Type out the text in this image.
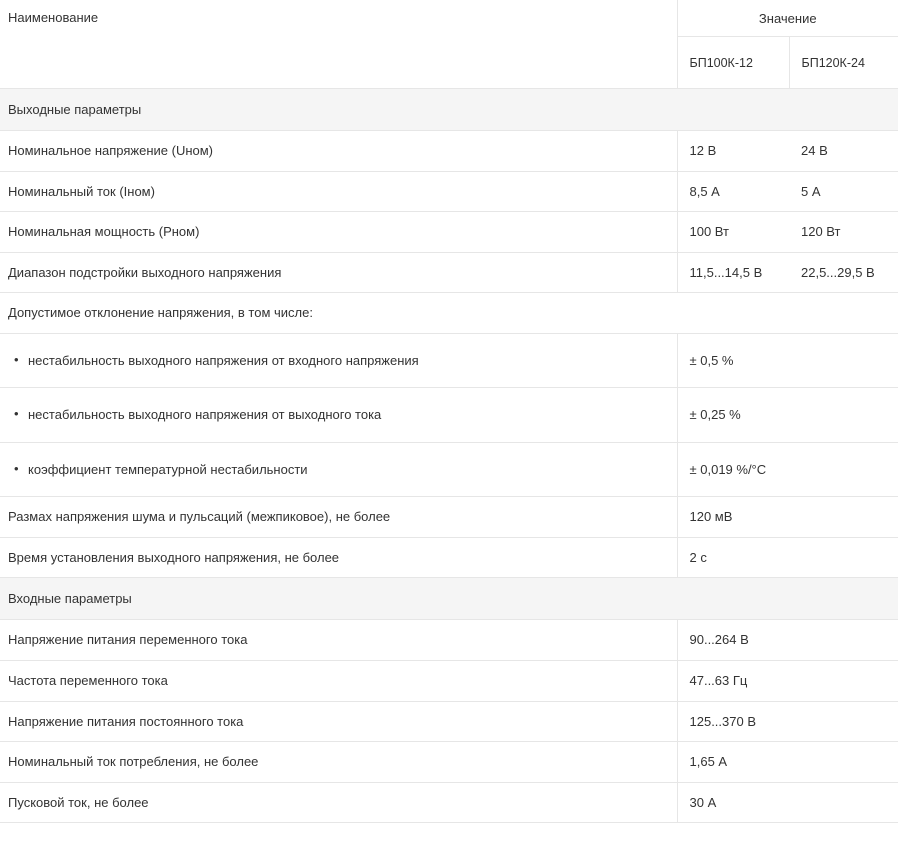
Наименование	Значение	
	БП100К-12	БП120К-24
Выходные параметры		
Номинальное напряжение (Uном)	12 В	24 В
Номинальный ток (Iном)	8,5 А	5 А
Номинальная мощность (Рном)	100 Вт	120 Вт
Диапазон подстройки выходного напряжения	11,5...14,5 В	22,5...29,5 В
Допустимое отклонение напряжения, в том числе:		

• нестабильность выходного напряжения от входного напряжения	± 0,5 %	

• нестабильность выходного напряжения от выходного тока	± 0,25 %	

• коэффициент температурной нестабильности	± 0,019 %/°C	
Размах напряжения шума и пульсаций (межпиковое), не более	120 мВ	
Время установления выходного напряжения, не более	2 с	
Входные параметры		
Напряжение питания переменного тока	90...264 В	
Частота переменного тока	47...63 Гц	
Напряжение питания постоянного тока	125...370 В	
Номинальный ток потребления, не более	1,65 А	
Пусковой ток, не более	30 А	
